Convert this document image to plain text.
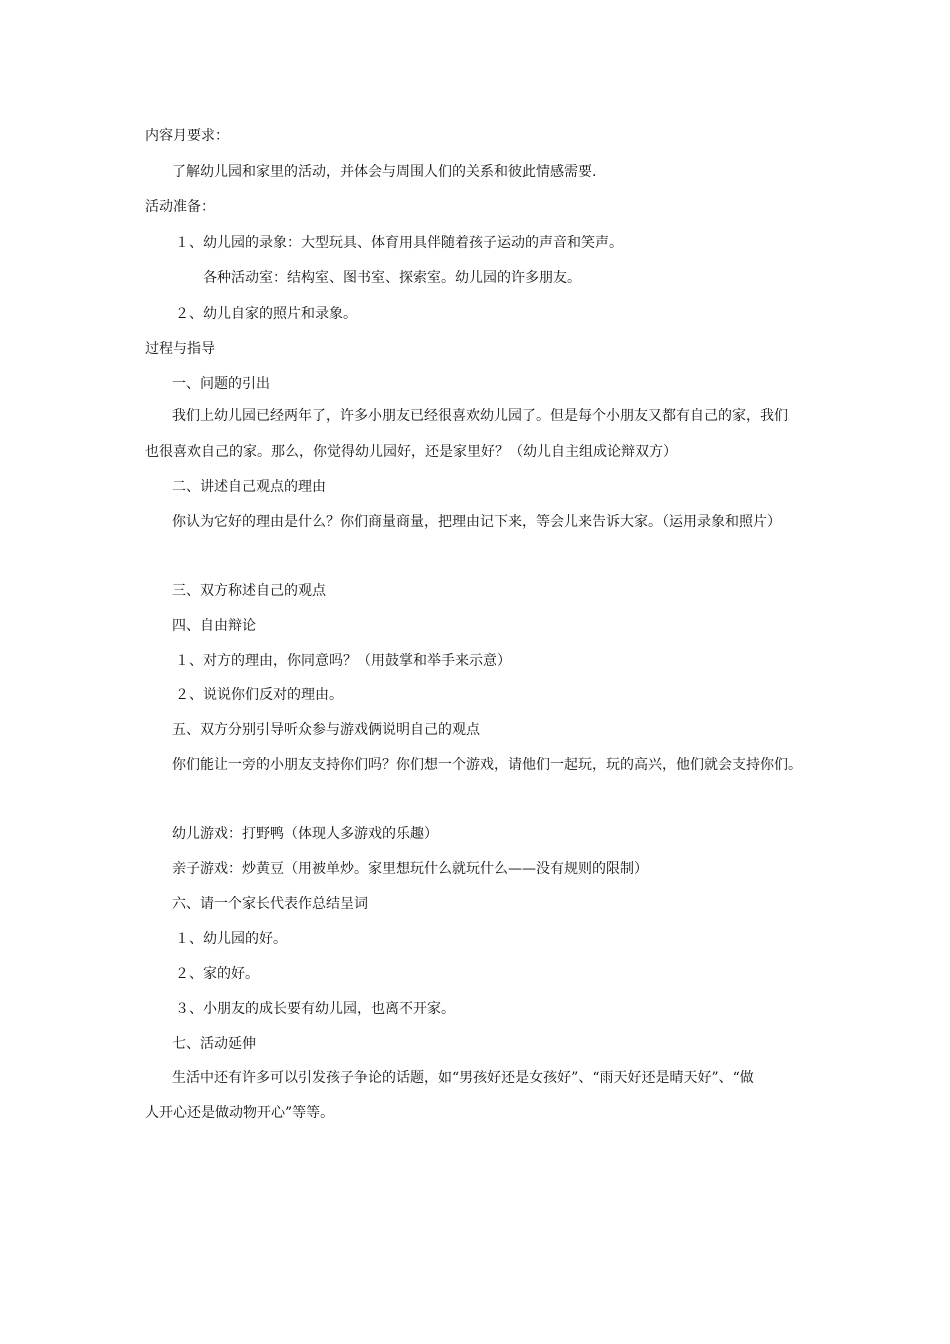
内容月要求：
了解幼儿园和家里的活动，并体会与周围人们的关系和彼此情感需要.
活动准备：
１、幼儿园的录象：大型玩具、体育用具伴随着孩子运动的声音和笑声。
各种活动室：结构室、图书室、探索室。幼儿园的许多朋友。
２、幼儿自家的照片和录象。
过程与指导
一、问题的引出
我们上幼儿园已经两年了，许多小朋友已经很喜欢幼儿园了。但是每个小朋友又都有自己的家，我们
也很喜欢自己的家。那么，你觉得幼儿园好，还是家里好？（幼儿自主组成论辩双方）
二、讲述自己观点的理由
你认为它好的理由是什么？你们商量商量，把理由记下来，等会儿来告诉大家。（运用录象和照片）
三、双方称述自己的观点
四、自由辩论
１、对方的理由，你同意吗？（用鼓掌和举手来示意）
２、说说你们反对的理由。
五、双方分别引导听众参与游戏俩说明自己的观点
你们能让一旁的小朋友支持你们吗？你们想一个游戏，请他们一起玩，玩的高兴，他们就会支持你们。
幼儿游戏：打野鸭（体现人多游戏的乐趣）
亲子游戏：炒黄豆（用被单炒。家里想玩什么就玩什么——没有规则的限制）
六、请一个家长代表作总结呈词
１、幼儿园的好。
２、家的好。
３、小朋友的成长要有幼儿园，也离不开家。
七、活动延伸
生活中还有许多可以引发孩子争论的话题，如“男孩好还是女孩好”、“雨天好还是晴天好”、“做
人开心还是做动物开心”等等。
